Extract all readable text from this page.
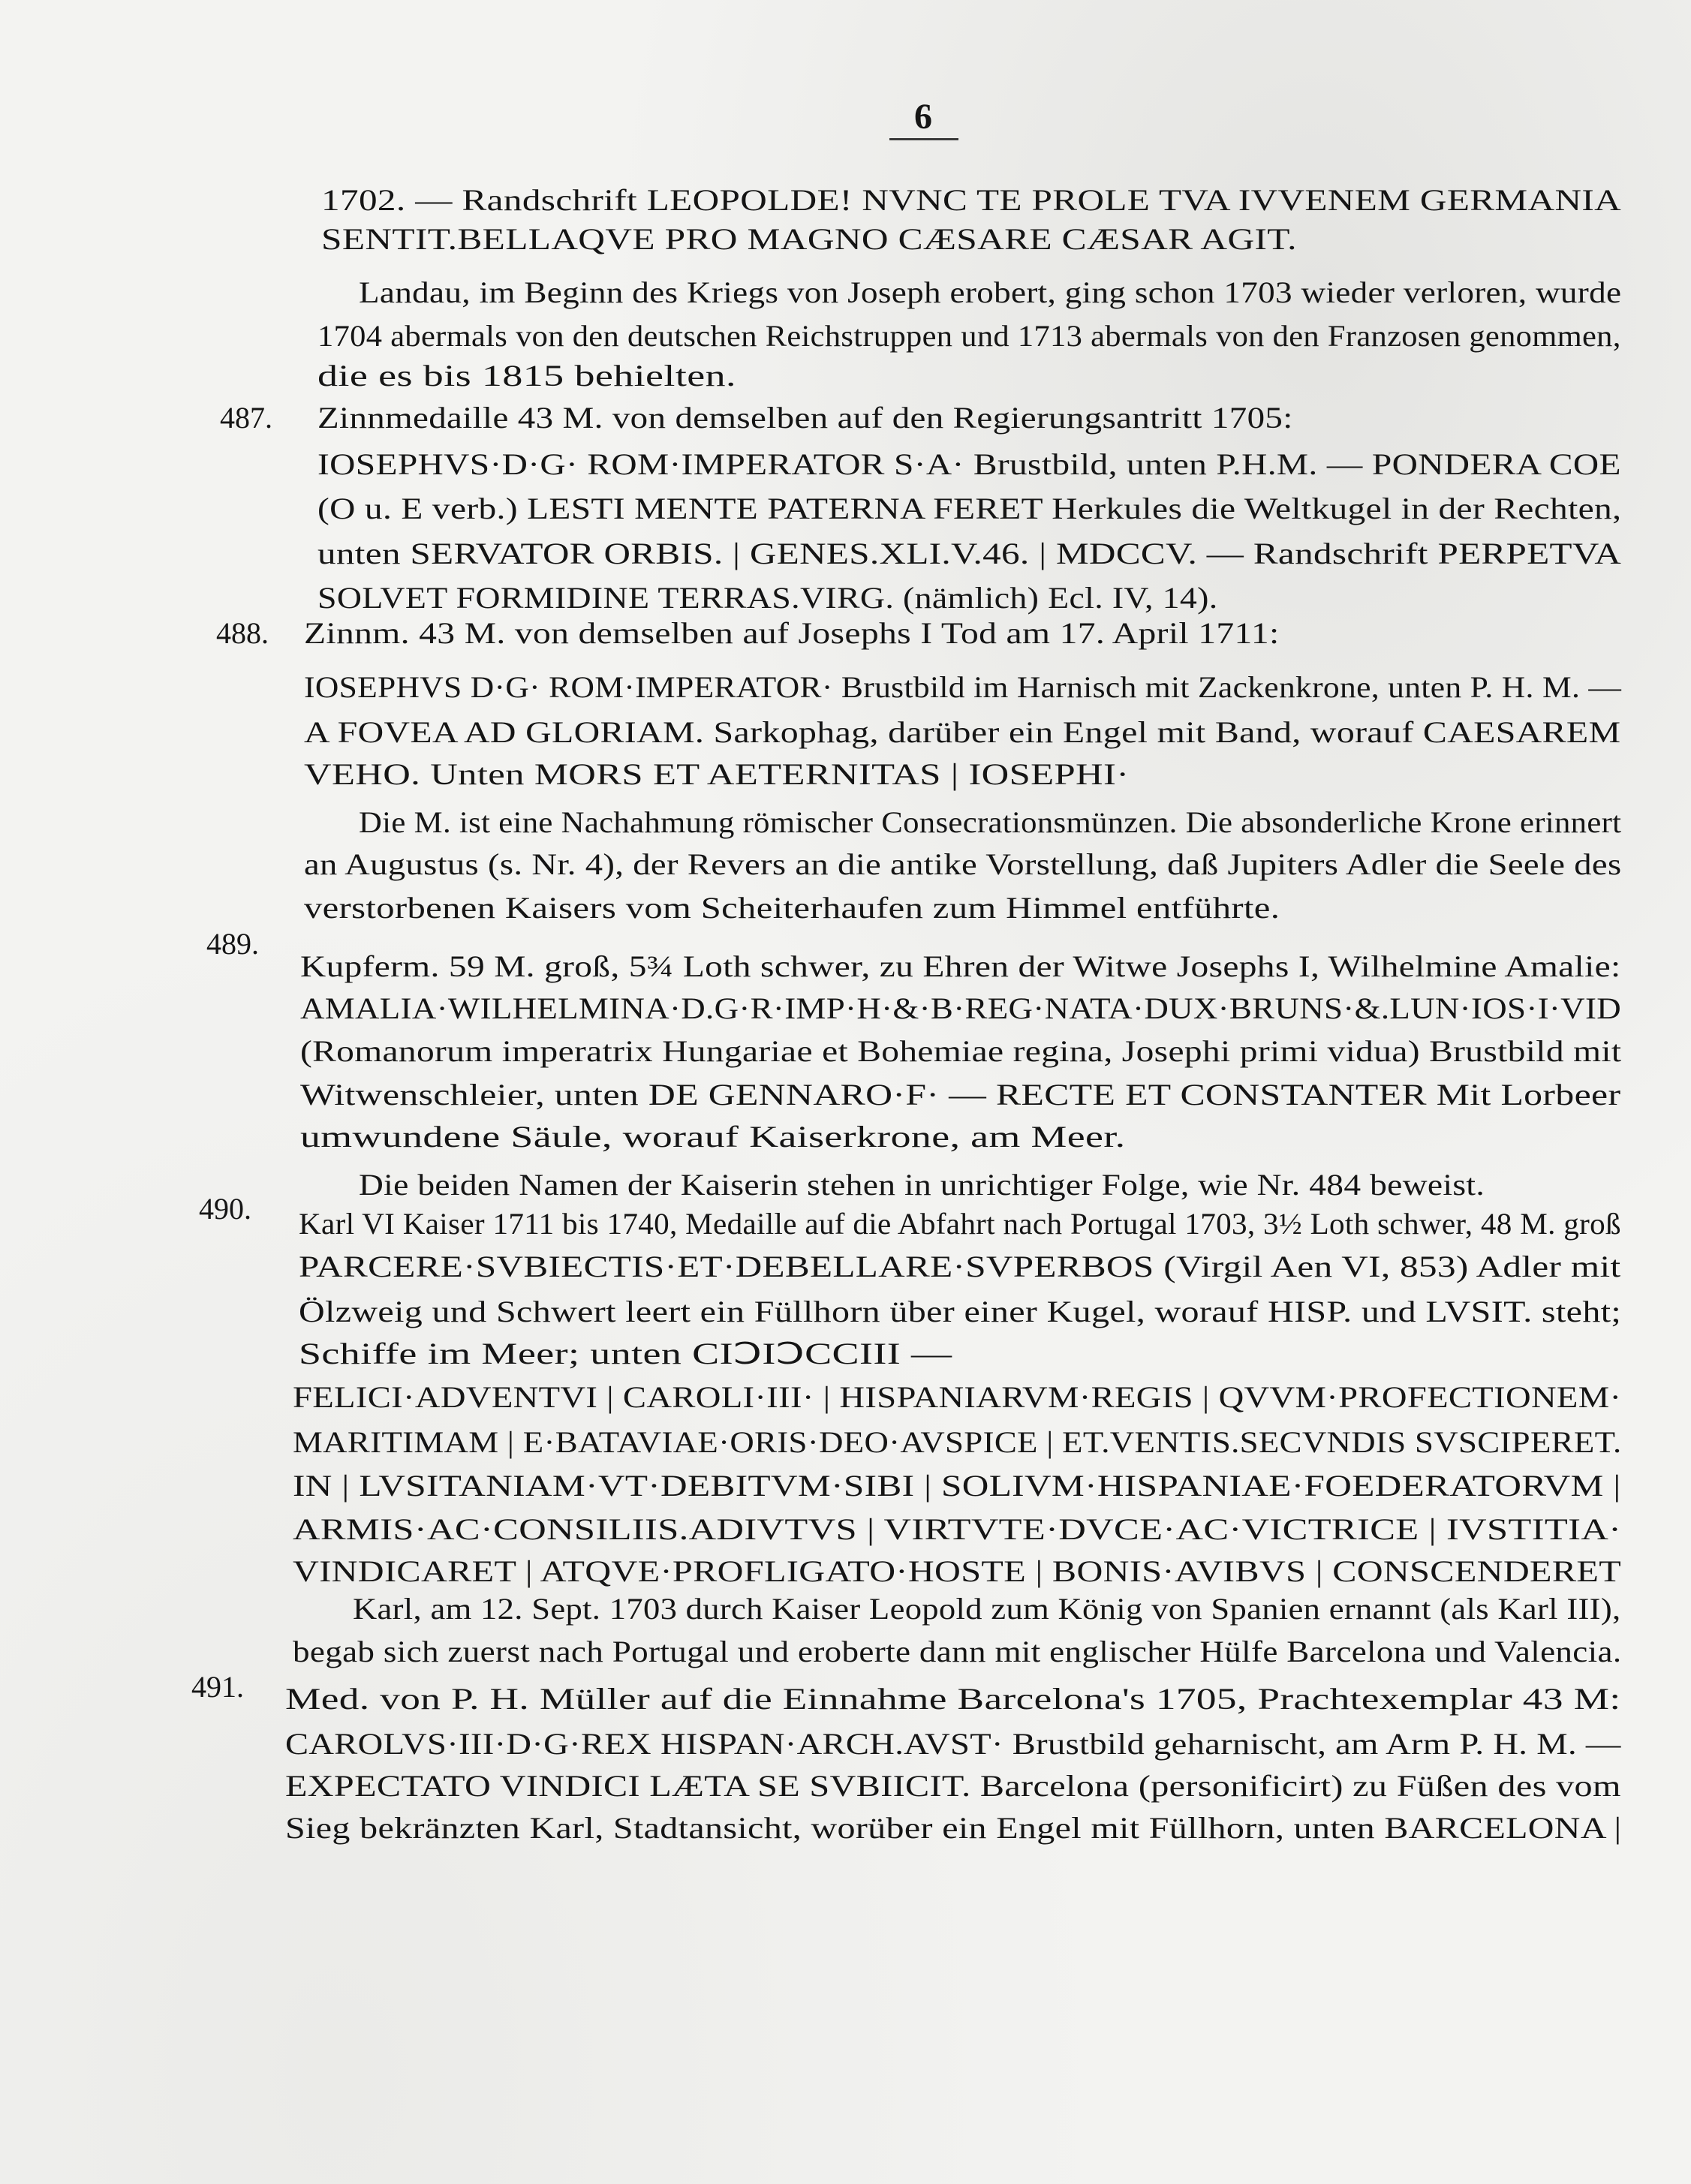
6
1702. — Randschrift LEOPOLDE! NVNC TE PROLE TVA IVVENEM GERMANIA
SENTIT.BELLAQVE PRO MAGNO CÆSARE CÆSAR AGIT.
Landau, im Beginn des Kriegs von Joseph erobert, ging schon 1703 wieder verloren, wurde
1704 abermals von den deutschen Reichstruppen und 1713 abermals von den Franzosen genommen,
die es bis 1815 behielten.
487. Zinnmedaille 43 M. von demselben auf den Regierungsantritt 1705:
IOSEPHVS·D·G· ROM·IMPERATOR S·A· Brustbild, unten P.H.M. — PONDERA COE
(O u. E verb.) LESTI MENTE PATERNA FERET Herkules die Weltkugel in der Rechten,
unten SERVATOR ORBIS. | GENES.XLI.V.46. | MDCCV. — Randschrift PERPETVA
SOLVET FORMIDINE TERRAS.VIRG. (nämlich) Ecl. IV, 14).
488. Zinnm. 43 M. von demselben auf Josephs I Tod am 17. April 1711:
IOSEPHVS D·G· ROM·IMPERATOR· Brustbild im Harnisch mit Zackenkrone, unten P. H. M. —
A FOVEA AD GLORIAM. Sarkophag, darüber ein Engel mit Band, worauf CAESAREM
VEHO. Unten MORS ET AETERNITAS | IOSEPHI·
Die M. ist eine Nachahmung römischer Consecrationsmünzen. Die absonderliche Krone erinnert
an Augustus (s. Nr. 4), der Revers an die antike Vorstellung, daß Jupiters Adler die Seele des
verstorbenen Kaisers vom Scheiterhaufen zum Himmel entführte.
489.
Kupferm. 59 M. groß, 5¾ Loth schwer, zu Ehren der Witwe Josephs I, Wilhelmine Amalie:
AMALIA·WILHELMINA·D.G·R·IMP·H·&·B·REG·NATA·DUX·BRUNS·&.LUN·IOS·I·VID
(Romanorum imperatrix Hungariae et Bohemiae regina, Josephi primi vidua) Brustbild mit
Witwenschleier, unten DE GENNARO·F· — RECTE ET CONSTANTER Mit Lorbeer
umwundene Säule, worauf Kaiserkrone, am Meer.
Die beiden Namen der Kaiserin stehen in unrichtiger Folge, wie Nr. 484 beweist.
490. Karl VI Kaiser 1711 bis 1740, Medaille auf die Abfahrt nach Portugal 1703, 3½ Loth schwer, 48 M. groß
PARCERE·SVBIECTIS·ET·DEBELLARE·SVPERBOS (Virgil Aen VI, 853) Adler mit
Ölzweig und Schwert leert ein Füllhorn über einer Kugel, worauf HISP. und LVSIT. steht;
Schiffe im Meer; unten CIↃIↃCCIII —
FELICI·ADVENTVI | CAROLI·III· | HISPANIARVM·REGIS | QVVM·PROFECTIONEM·
MARITIMAM | E·BATAVIAE·ORIS·DEO·AVSPICE | ET.VENTIS.SECVNDIS SVSCIPERET.
IN | LVSITANIAM·VT·DEBITVM·SIBI | SOLIVM·HISPANIAE·FOEDERATORVM |
ARMIS·AC·CONSILIIS.ADIVTVS | VIRTVTE·DVCE·AC·VICTRICE | IVSTITIA·
VINDICARET | ATQVE·PROFLIGATO·HOSTE | BONIS·AVIBVS | CONSCENDERET
Karl, am 12. Sept. 1703 durch Kaiser Leopold zum König von Spanien ernannt (als Karl III),
begab sich zuerst nach Portugal und eroberte dann mit englischer Hülfe Barcelona und Valencia.
491. Med. von P. H. Müller auf die Einnahme Barcelona's 1705, Prachtexemplar 43 M:
CAROLVS·III·D·G·REX HISPAN·ARCH.AVST· Brustbild geharnischt, am Arm P. H. M. —
EXPECTATO VINDICI LÆTA SE SVBIICIT. Barcelona (personificirt) zu Füßen des vom
Sieg bekränzten Karl, Stadtansicht, worüber ein Engel mit Füllhorn, unten BARCELONA |
